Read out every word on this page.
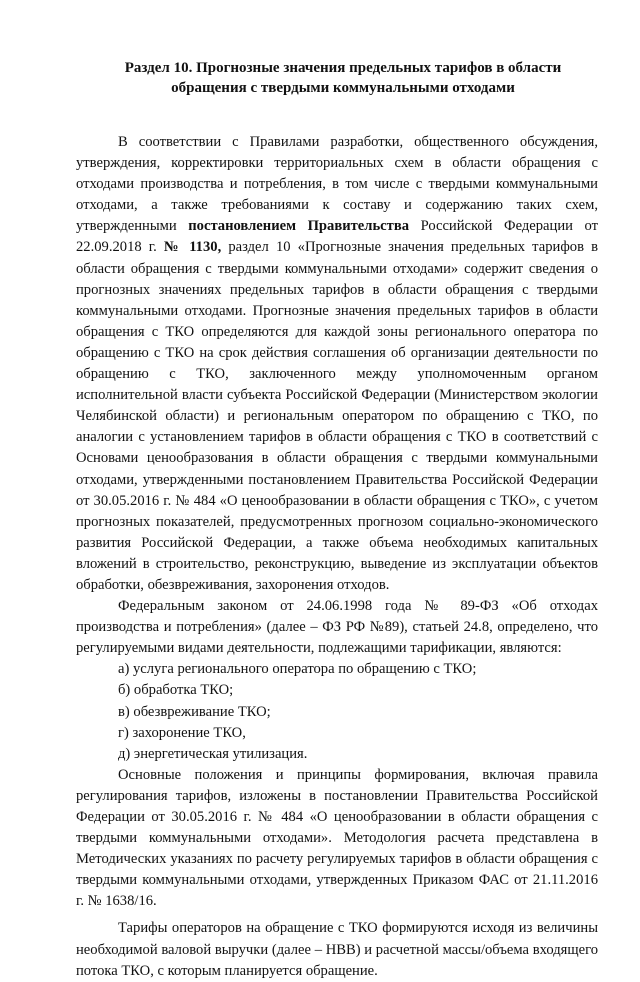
Раздел 10. Прогнозные значения предельных тарифов в области
обращения с твердыми коммунальными отходами

В соответствии с Правилами разработки, общественного обсуждения, утверждения, корректировки территориальных схем в области обращения с отходами производства и потребления, в том числе с твердыми коммунальными отходами, а также требованиями к составу и содержанию таких схем, утвержденными постановлением Правительства Российской Федерации от 22.09.2018 г. № 1130, раздел 10 «Прогнозные значения предельных тарифов в области обращения с твердыми коммунальными отходами» содержит сведения о прогнозных значениях предельных тарифов в области обращения с твердыми коммунальными отходами. Прогнозные значения предельных тарифов в области обращения с ТКО определяются для каждой зоны регионального оператора по обращению с ТКО на срок действия соглашения об организации деятельности по обращению с ТКО, заключенного между уполномоченным органом исполнительной власти субъекта Российской Федерации (Министерством экологии Челябинской области) и региональным оператором по обращению с ТКО, по аналогии с установлением тарифов в области обращения с ТКО в соответствий с Основами ценообразования в области обращения с твердыми коммунальными отходами, утвержденными постановлением Правительства Российской Федерации от 30.05.2016 г. № 484 «О ценообразовании в области обращения с ТКО», с учетом прогнозных показателей, предусмотренных прогнозом социально-экономического развития Российской Федерации, а также объема необходимых капитальных вложений в строительство, реконструкцию, выведение из эксплуатации объектов обработки, обезвреживания, захоронения отходов.

Федеральным законом от 24.06.1998 года № 89-ФЗ «Об отходах производства и потребления» (далее – ФЗ РФ №89), статьей 24.8, определено, что регулируемыми видами деятельности, подлежащими тарификации, являются:

а) услуга регионального оператора по обращению с ТКО;

б) обработка ТКО;

в) обезвреживание ТКО;

г) захоронение ТКО,

д) энергетическая утилизация.

Основные положения и принципы формирования, включая правила регулирования тарифов, изложены в постановлении Правительства Российской Федерации от 30.05.2016 г. № 484 «О ценообразовании в области обращения с твердыми коммунальными отходами». Методология расчета представлена в Методических указаниях по расчету регулируемых тарифов в области обращения с твердыми коммунальными отходами, утвержденных Приказом ФАС от 21.11.2016 г. № 1638/16.

Тарифы операторов на обращение с ТКО формируются исходя из величины необходимой валовой выручки (далее – НВВ) и расчетной массы/объема входящего потока ТКО, с которым планируется обращение.
